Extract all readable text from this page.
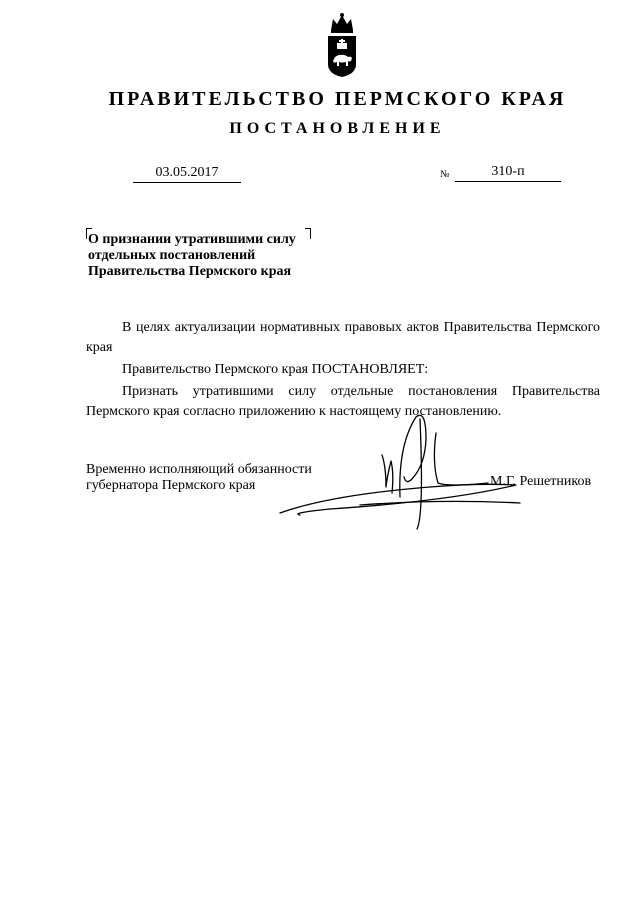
ПРАВИТЕЛЬСТВО ПЕРМСКОГО КРАЯ
ПОСТАНОВЛЕНИЕ
03.05.2017	№	310-п
О признании утратившими силу
отдельных постановлений
Правительства Пермского края

В целях актуализации нормативных правовых актов Правительства Пермского края

Правительство Пермского края ПОСТАНОВЛЯЕТ:

Признать утратившими силу отдельные постановления Правительства Пермского края согласно приложению к настоящему постановлению.

Временно исполняющий обязанности
губернатора Пермского края	М.Г. Решетников
